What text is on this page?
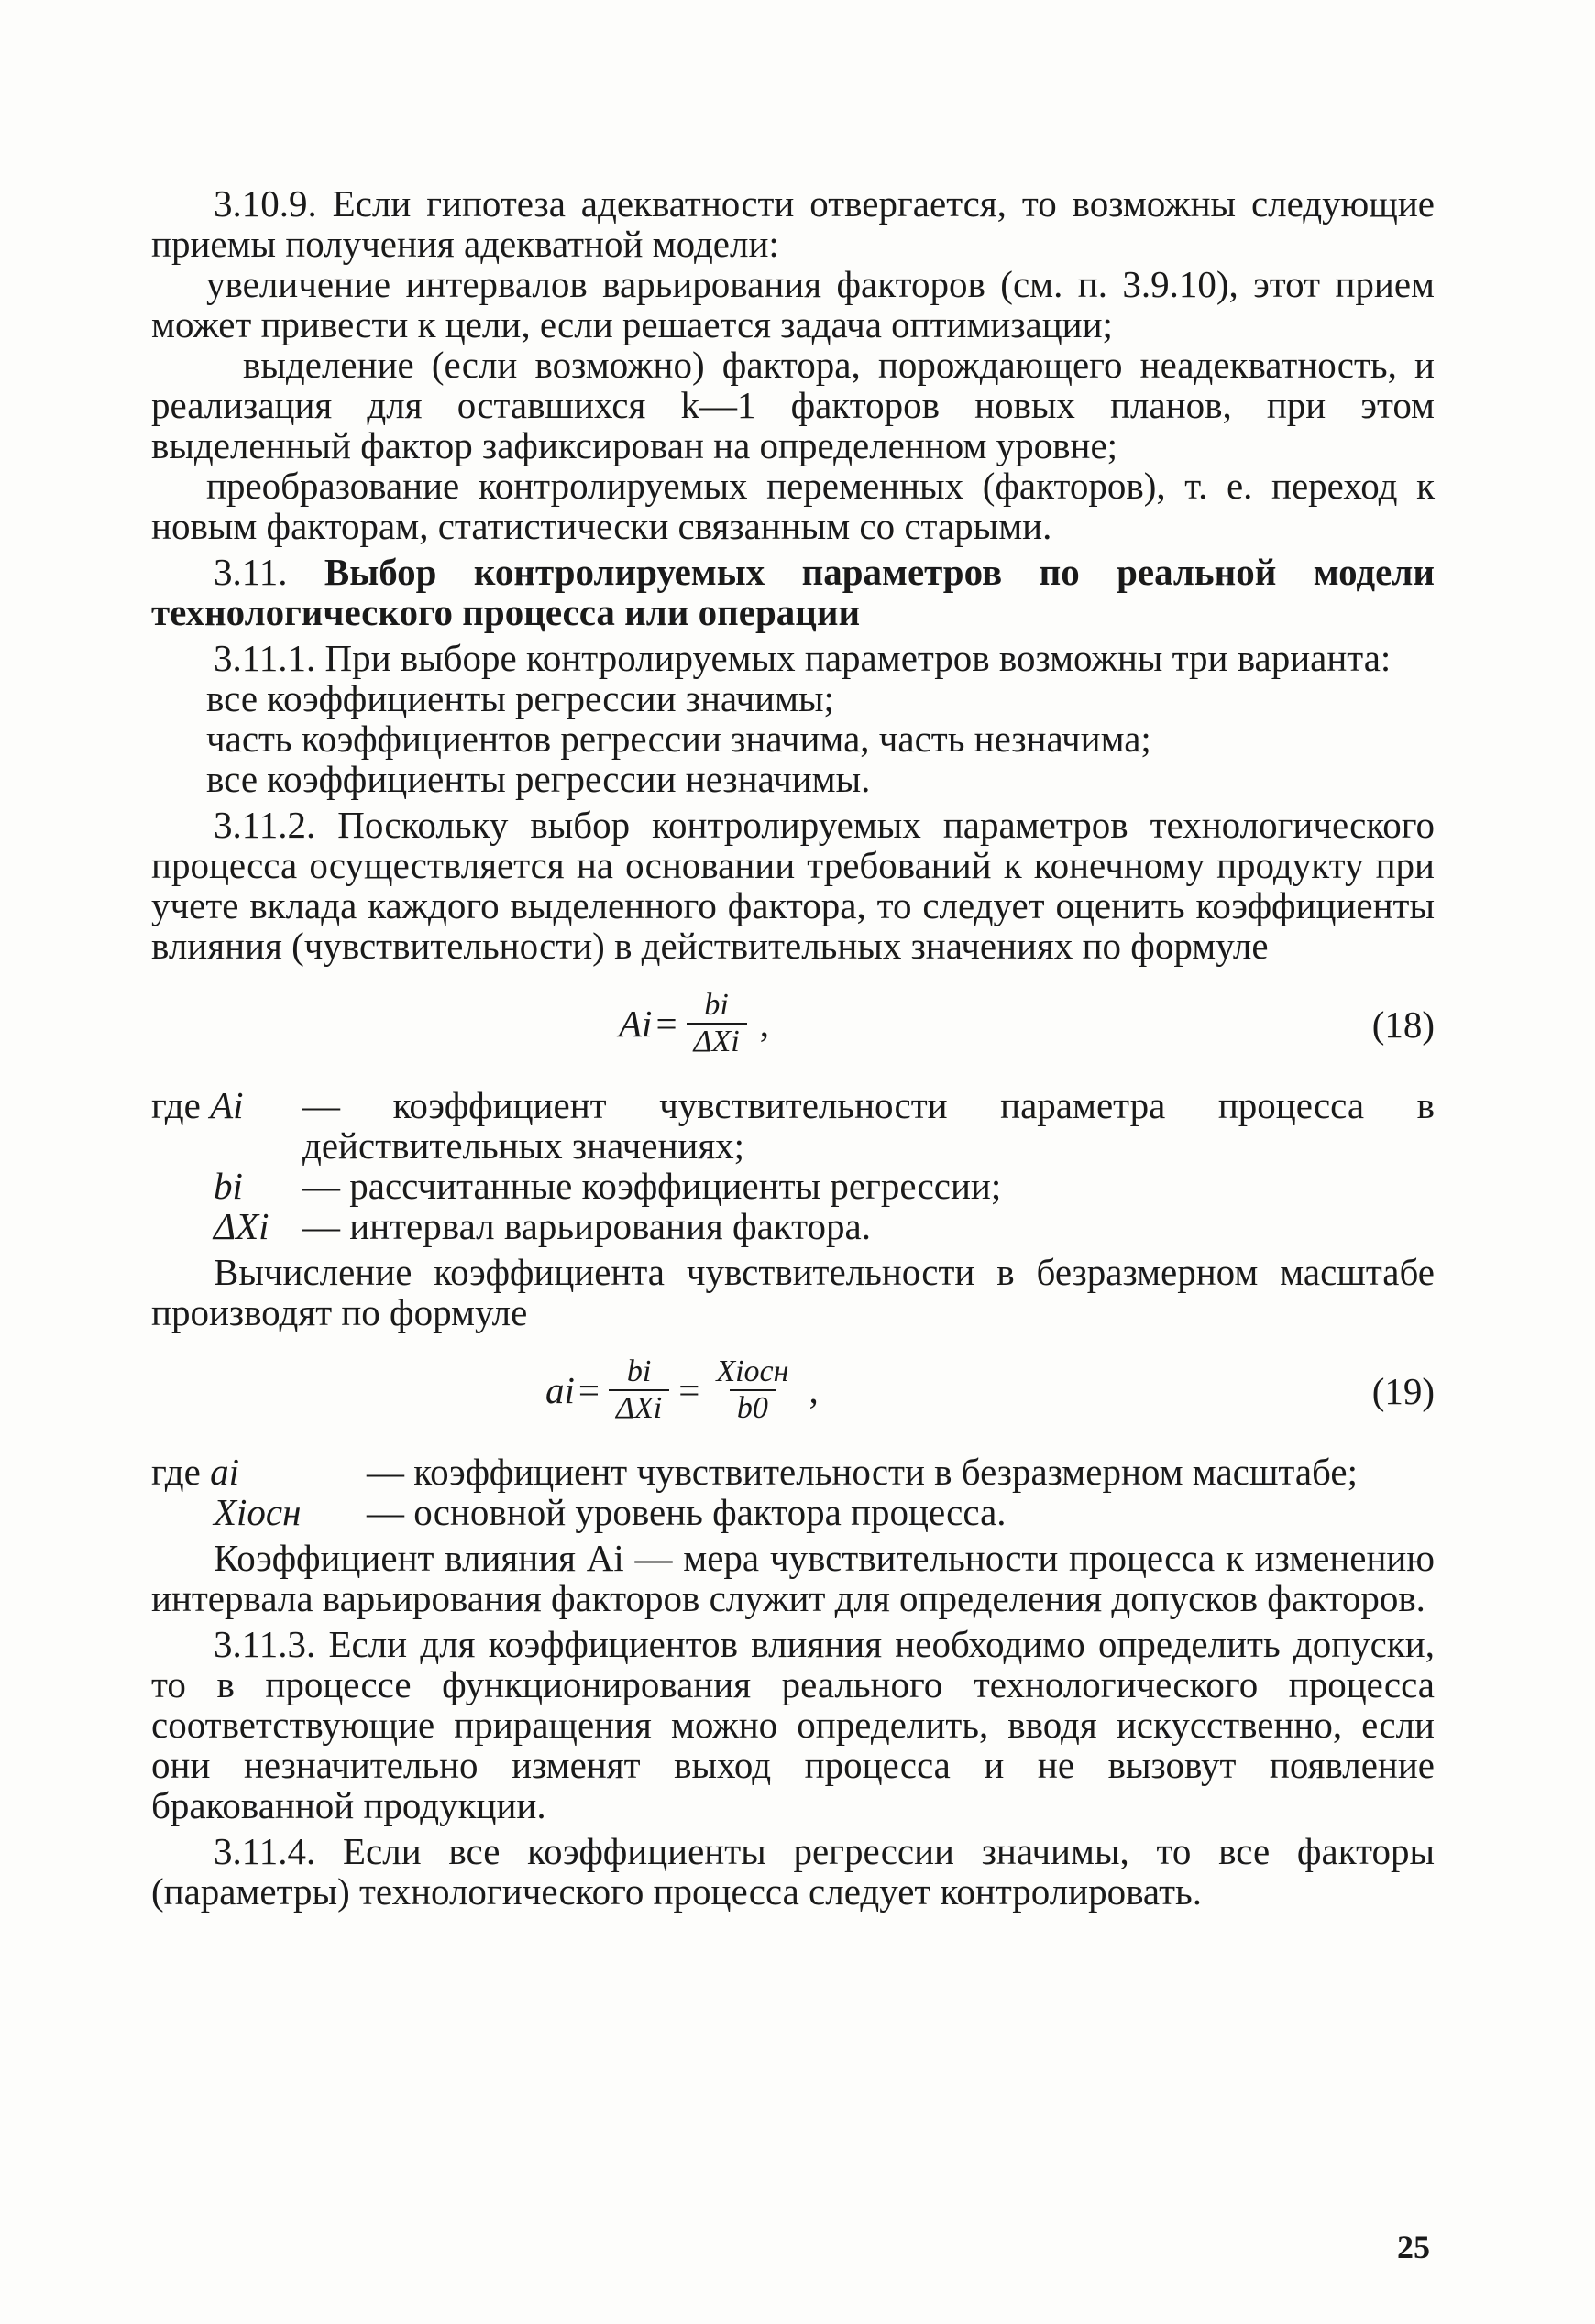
3.10.9. Если гипотеза адекватности отвергается, то возможны следующие приемы получения адекватной модели:
увеличение интервалов варьирования факторов (см. п. 3.9.10), этот прием может привести к цели, если решается задача оптимизации;
выделение (если возможно) фактора, порождающего неадекватность, и реализация для оставшихся k—1 факторов новых планов, при этом выделенный фактор зафиксирован на определенном уровне;
преобразование контролируемых переменных (факторов), т. е. переход к новым факторам, статистически связанным со старыми.
3.11. Выбор контролируемых параметров по реальной модели технологического процесса или операции
3.11.1. При выборе контролируемых параметров возможны три варианта:
все коэффициенты регрессии значимы;
часть коэффициентов регрессии значима, часть незначима;
все коэффициенты регрессии незначимы.
3.11.2. Поскольку выбор контролируемых параметров технологического процесса осуществляется на основании требований к конечному продукту при учете вклада каждого выделенного фактора, то следует оценить коэффициенты влияния (чувствительности) в действительных значениях по формуле
$Ai = \frac{bi}{\text{ΔXi}}$ ,	(18)
где Ai	— коэффициент чувствительности параметра процесса в действительных значениях;
bi	— рассчитанные коэффициенты регрессии;
ΔXi — интервал варьирования фактора.
Вычисление коэффициента чувствительности в безразмерном масштабе производят по формуле
ai = $\frac{bi}{\text{ΔXi}} = \frac{\text{Xiосн}}{b0}$ ,	(19)
где ai	— коэффициент чувствительности в безразмерном масштабе;
Xiосн	— основной уровень фактора процесса.
Коэффициент влияния Ai — мера чувствительности процесса к изменению интервала варьирования факторов служит для определения допусков факторов.
3.11.3. Если для коэффициентов влияния необходимо определить допуски, то в процессе функционирования реального технологического процесса соответствующие приращения можно определить, вводя искусственно, если они незначительно изменят выход процесса и не вызовут появление бракованной продукции.
3.11.4. Если все коэффициенты регрессии значимы, то все факторы (параметры) технологического процесса следует контролировать.
25
